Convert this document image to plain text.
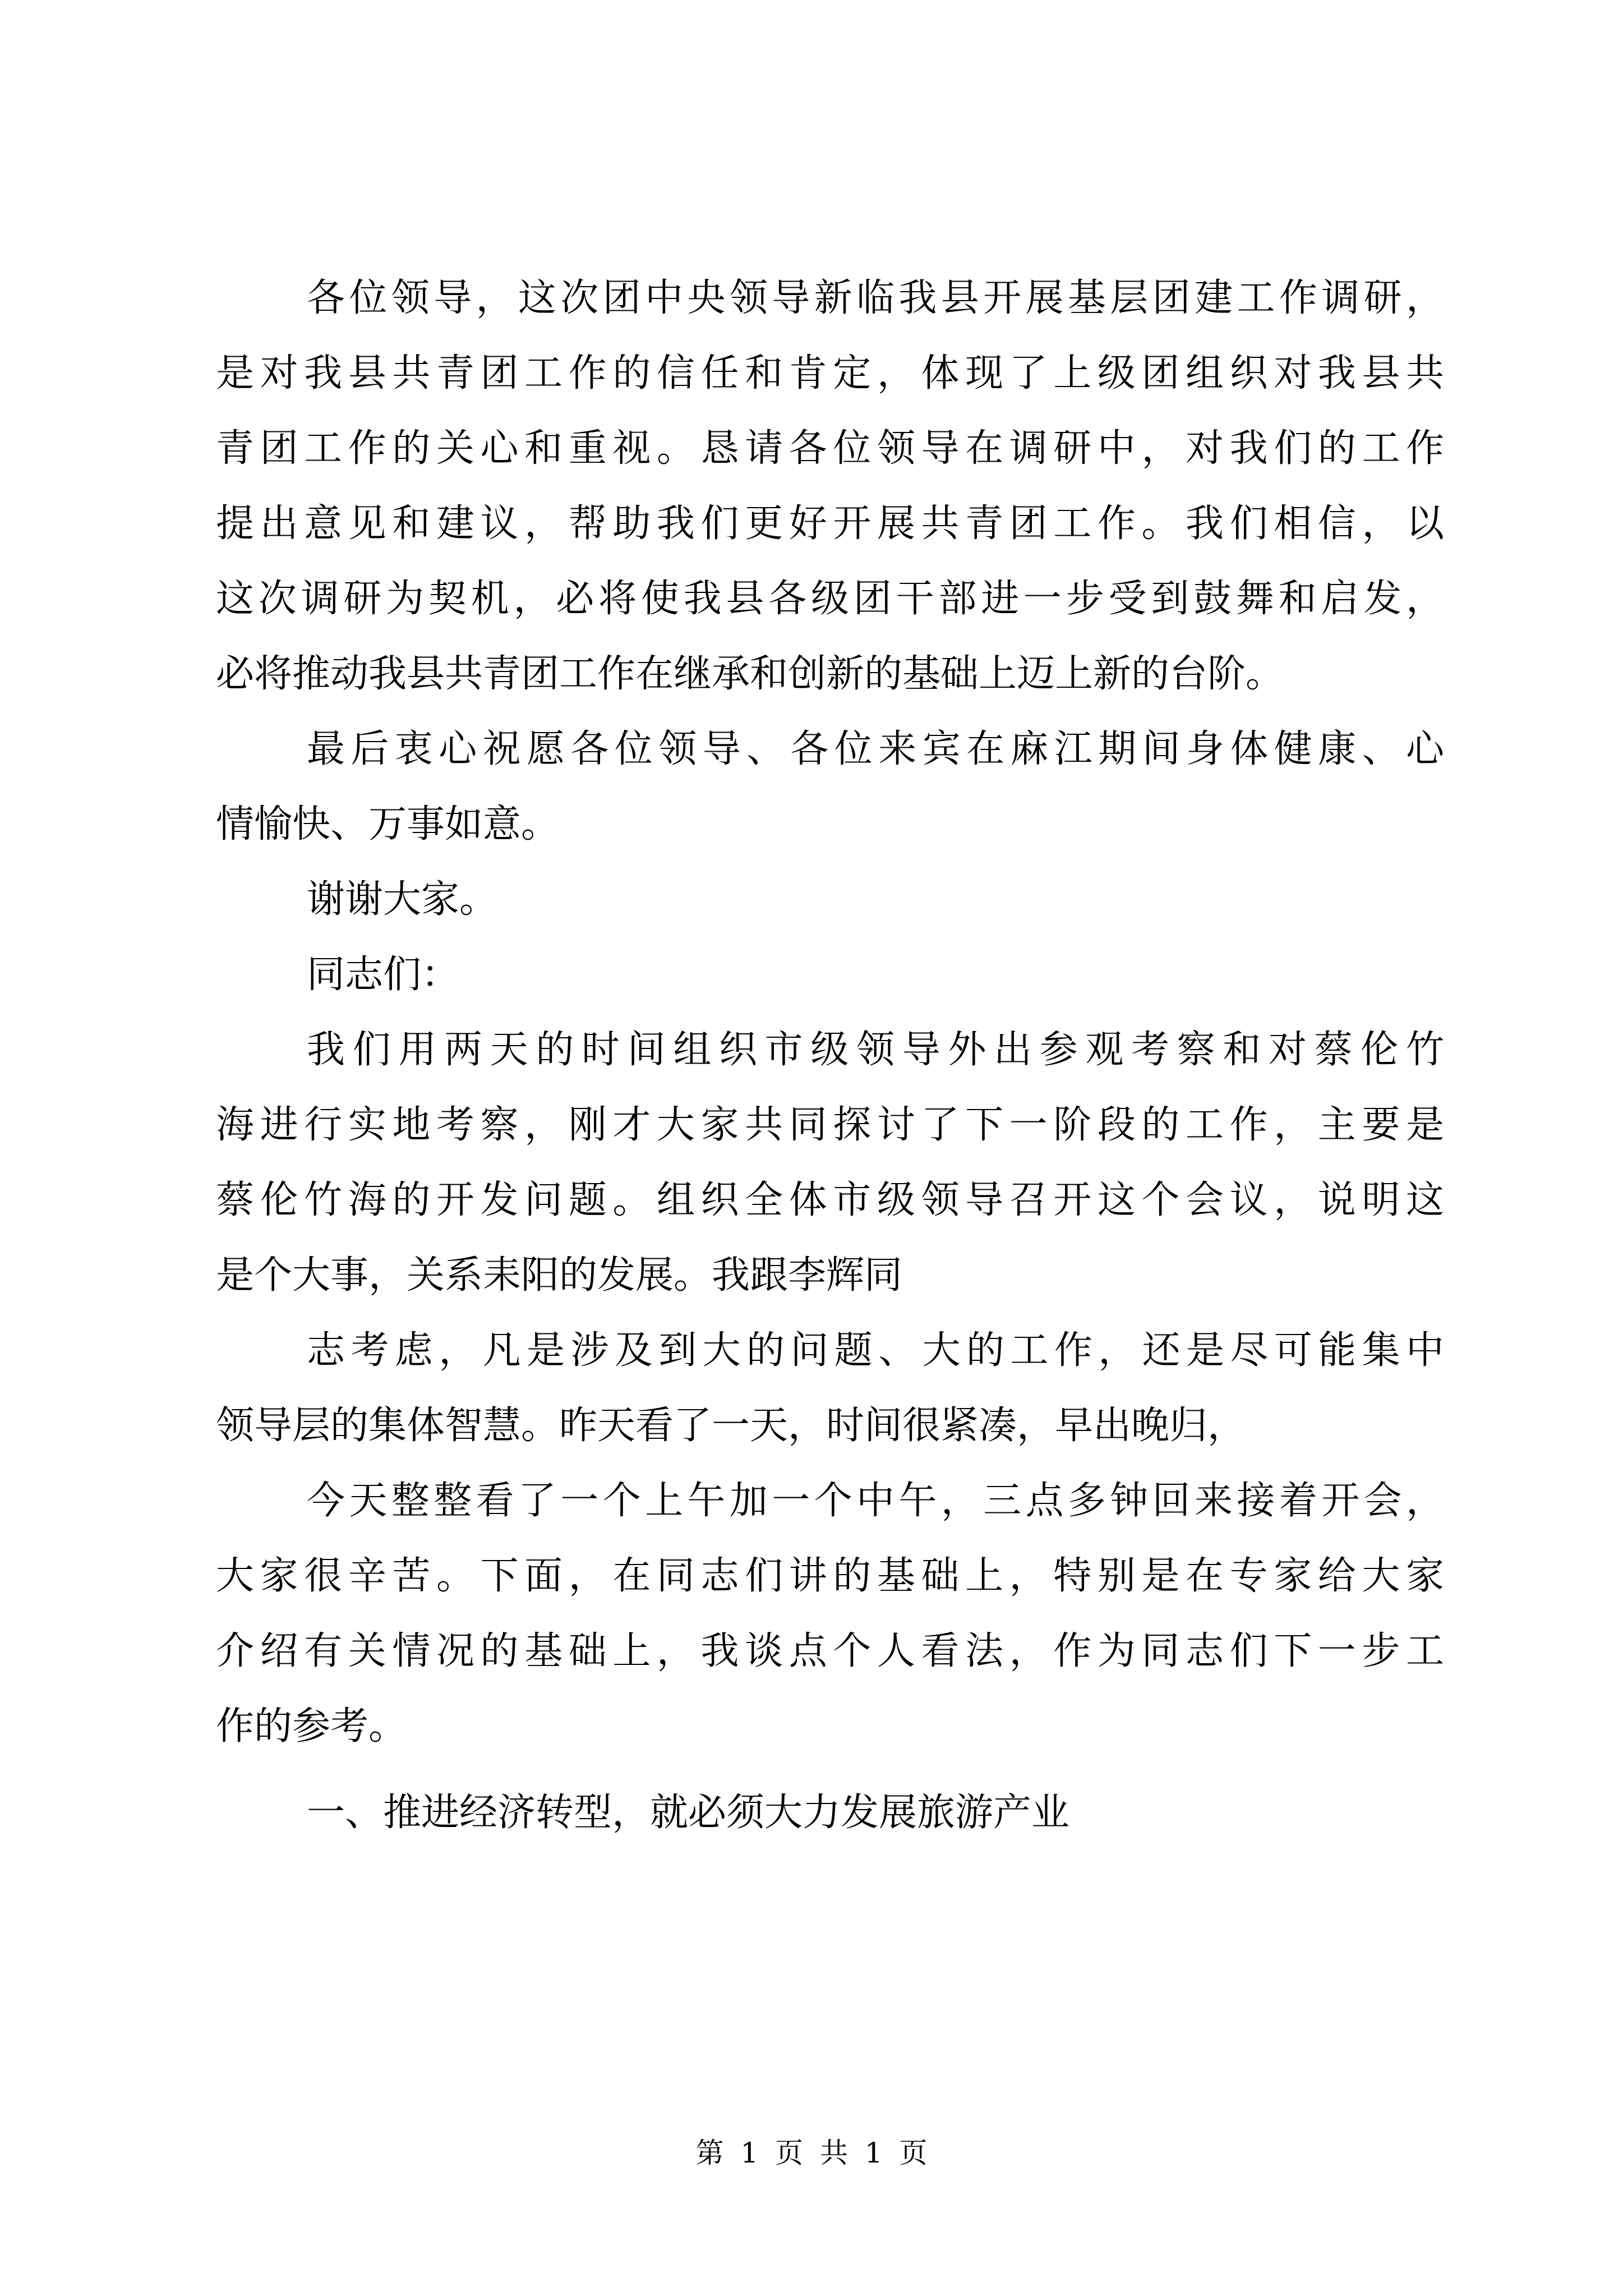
各位领导，这次团中央领导新临我县开展基层团建工作调研，
是对我县共青团工作的信任和肯定，体现了上级团组织对我县共
青团工作的关心和重视。恳请各位领导在调研中，对我们的工作
提出意见和建议，帮助我们更好开展共青团工作。我们相信，以
这次调研为契机，必将使我县各级团干部进一步受到鼓舞和启发，
必将推动我县共青团工作在继承和创新的基础上迈上新的台阶。
最后衷心祝愿各位领导、各位来宾在麻江期间身体健康、心
情愉快、万事如意。
谢谢大家。
同志们：
我们用两天的时间组织市级领导外出参观考察和对蔡伦竹
海进行实地考察，刚才大家共同探讨了下一阶段的工作，主要是
蔡伦竹海的开发问题。组织全体市级领导召开这个会议，说明这
是个大事，关系耒阳的发展。我跟李辉同
志考虑，凡是涉及到大的问题、大的工作，还是尽可能集中
领导层的集体智慧。昨天看了一天，时间很紧凑，早出晚归，
今天整整看了一个上午加一个中午，三点多钟回来接着开会，
大家很辛苦。下面，在同志们讲的基础上，特别是在专家给大家
介绍有关情况的基础上，我谈点个人看法，作为同志们下一步工
作的参考。
一、推进经济转型，就必须大力发展旅游产业
第 1 页 共 1 页
